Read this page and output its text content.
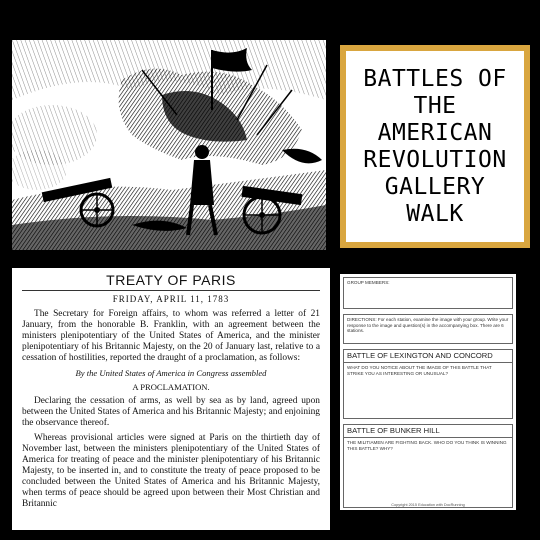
BATTLES OF
THE
AMERICAN
REVOLUTION
GALLERY
WALK
TREATY OF PARIS
FRIDAY, APRIL 11, 1783
The Secretary for Foreign affairs, to whom was referred a letter of 21 January, from the honorable B. Franklin, with an agreement between the ministers plenipotentiary of the United States of America, and the minister plenipotentiary of his Britannic Majesty, on the 20 of January last, relative to a cessation of hostilities, reported the draught of a proclamation, as follows:
By the United States of America in Congress assembled
A PROCLAMATION.
Declaring the cessation of arms, as well by sea as by land, agreed upon between the United States of America and his Britannic Majesty; and enjoining the observance thereof.
Whereas provisional articles were signed at Paris on the thirtieth day of November last, between the ministers plenipotentiary of the United States of America for treating of peace and the minister plenipotentiary of his Britannic Majesty, to be inserted in, and to constitute the treaty of peace proposed to be concluded between the United States of America and his Britannic Majesty, when terms of peace should be agreed upon between their Most Christian and Britannic
GROUP MEMBERS:
DIRECTIONS: For each station, examine the image with your group. Write your response to the image and question(s) in the accompanying box. There are 6 stations.
BATTLE OF LEXINGTON AND CONCORD
WHAT DO YOU NOTICE ABOUT THE IMAGE OF THIS BATTLE THAT STRIKE YOU AS INTERESTING OR UNUSUAL?
BATTLE OF BUNKER HILL
THE MILITIAMEN ARE FIGHTING BACK. WHO DO YOU THINK IS WINNING THIS BATTLE? WHY?
Copyright 2015 Education with DocRunning
